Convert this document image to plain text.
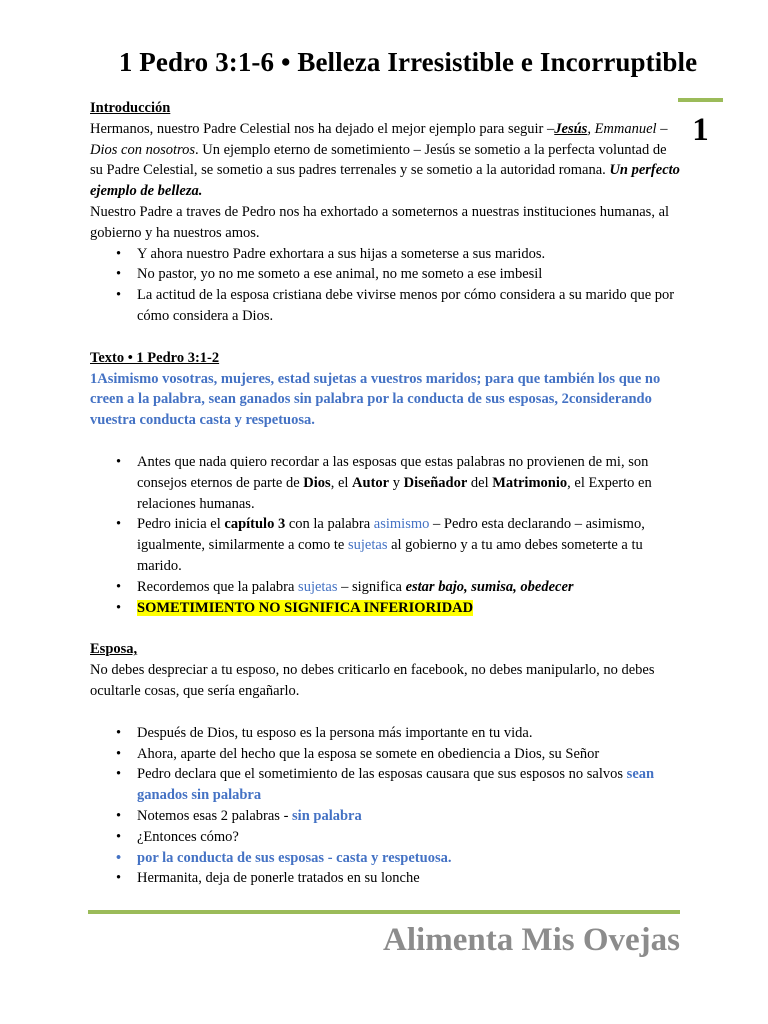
1 Pedro 3:1-6 • Belleza Irresistible e Incorruptible
1

Introducción

Hermanos, nuestro Padre Celestial nos ha dejado el mejor ejemplo para seguir –Jesús, Emmanuel – Dios con nosotros. Un ejemplo eterno de sometimiento – Jesús se sometio a la perfecta voluntad de su Padre Celestial, se sometio a sus padres terrenales y se sometio a la autoridad romana. Un perfecto ejemplo de belleza.

Nuestro Padre a traves de Pedro nos ha exhortado a someternos a nuestras instituciones humanas, al gobierno y ha nuestros amos.

• Y ahora nuestro Padre exhortara a sus hijas a someterse a sus maridos.
• No pastor, yo no me someto a ese animal, no me someto a ese imbesil
• La actitud de la esposa cristiana debe vivirse menos por cómo considera a su marido que por cómo considera a Dios.

Texto • 1 Pedro 3:1-2

1Asimismo vosotras, mujeres, estad sujetas a vuestros maridos; para que también los que no creen a la palabra, sean ganados sin palabra por la conducta de sus esposas, 2considerando vuestra conducta casta y respetuosa.

• Antes que nada quiero recordar a las esposas que estas palabras no provienen de mi, son consejos eternos de parte de Dios, el Autor y Diseñador del Matrimonio, el Experto en relaciones humanas.
• Pedro inicia el capítulo 3 con la palabra asimismo – Pedro esta declarando – asimismo, igualmente, similarmente a como te sujetas al gobierno y a tu amo debes someterte a tu marido.
• Recordemos que la palabra sujetas – significa estar bajo, sumisa, obedecer
• SOMETIMIENTO NO SIGNIFICA INFERIORIDAD

Esposa,

No debes despreciar a tu esposo, no debes criticarlo en facebook, no debes manipularlo, no debes ocultarle cosas, que sería engañarlo.

• Después de Dios, tu esposo es la persona más importante en tu vida.
• Ahora, aparte del hecho que la esposa se somete en obediencia a Dios, su Señor
• Pedro declara que el sometimiento de las esposas causara que sus esposos no salvos sean ganados sin palabra
• Notemos esas 2 palabras - sin palabra
• ¿Entonces cómo?
• por la conducta de sus esposas - casta y respetuosa.
• Hermanita, deja de ponerle tratados en su lonche
Alimenta Mis Ovejas
